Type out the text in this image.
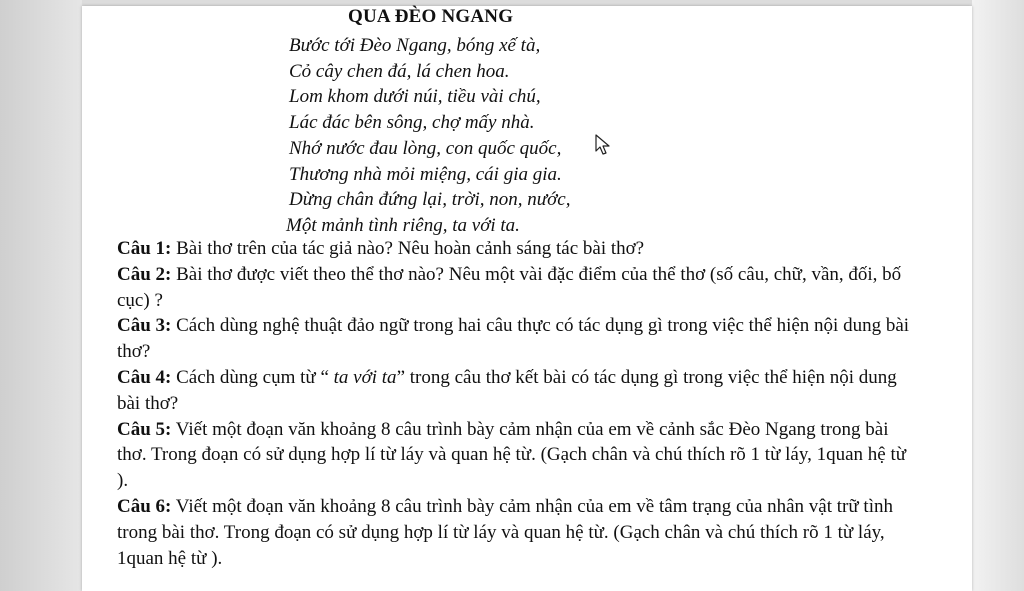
QUA ĐÈO NGANG
Bước tới Đèo Ngang, bóng xế tà,
Cỏ cây chen đá, lá chen hoa.
Lom khom dưới núi, tiều vài chú,
Lác đác bên sông, chợ mấy nhà.
Nhớ nước đau lòng, con quốc quốc,
Thương nhà mỏi miệng, cái gia gia.
Dừng chân đứng lại, trời, non, nước,
Một mảnh tình riêng, ta với ta.
Câu 1: Bài thơ trên của tác giả nào? Nêu hoàn cảnh sáng tác bài thơ?
Câu 2: Bài thơ được viết theo thể thơ nào? Nêu một vài đặc điểm của thể thơ (số câu, chữ, vần, đối, bố cục) ?
Câu 3: Cách dùng nghệ thuật đảo ngữ trong hai câu thực có tác dụng gì trong việc thể hiện nội dung bài thơ?
Câu 4: Cách dùng cụm từ “ ta với ta” trong câu thơ kết bài có tác dụng gì trong việc thể hiện nội dung bài thơ?
Câu 5: Viết một đoạn văn khoảng 8 câu trình bày cảm nhận của em về cảnh sắc Đèo Ngang trong bài thơ. Trong đoạn có sử dụng hợp lí từ láy và quan hệ từ. (Gạch chân và chú thích rõ 1 từ láy, 1quan hệ từ ).
Câu 6: Viết một đoạn văn khoảng 8 câu trình bày cảm nhận của em về tâm trạng của nhân vật trữ tình trong bài thơ. Trong đoạn có sử dụng hợp lí từ láy và quan hệ từ. (Gạch chân và chú thích rõ 1 từ láy, 1quan hệ từ ).
